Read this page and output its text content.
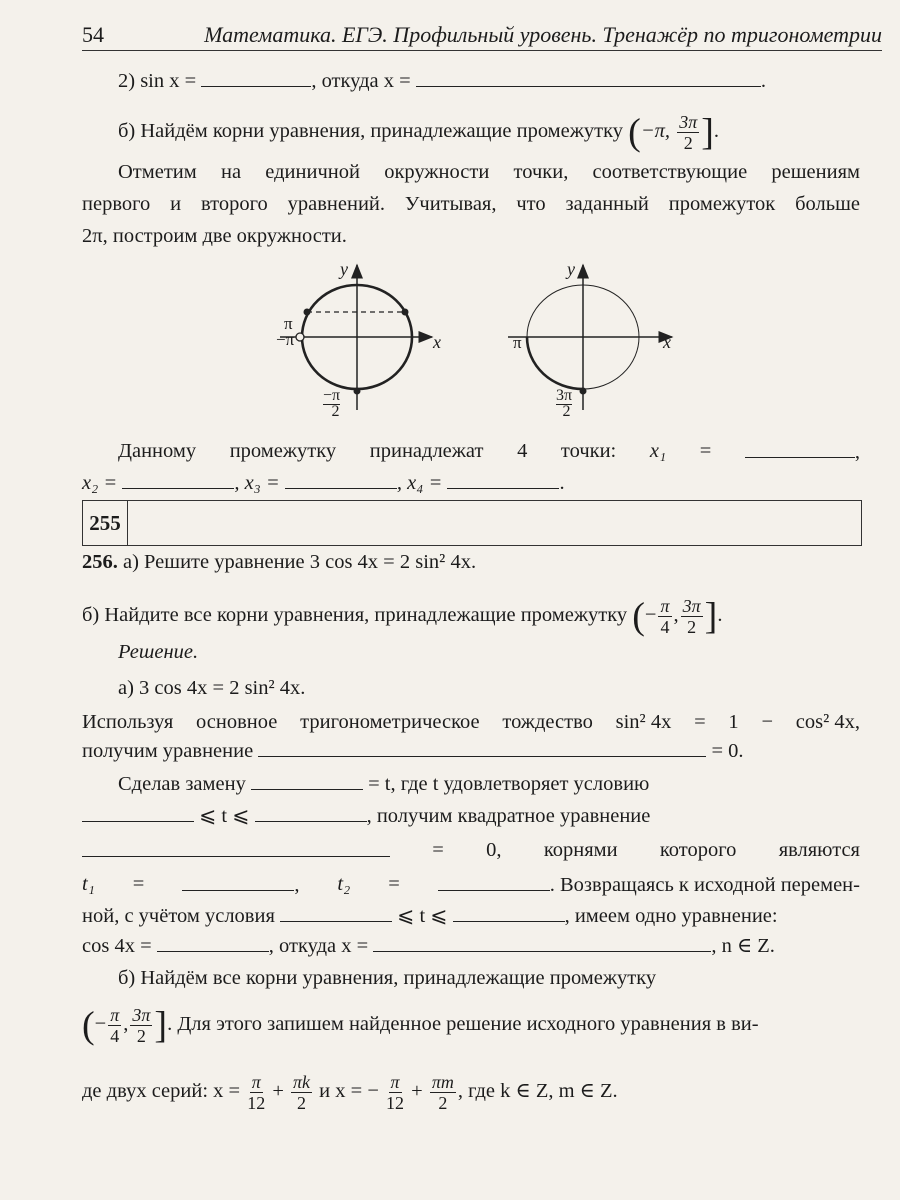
54	Математика. ЕГЭ. Профильный уровень. Тренажёр по тригонометрии
2) sin x =	, откуда x =	.
б) Найдём корни уравнения, принадлежащие промежутку (−π, $\frac{3\pi}{2}$ ].
Отметим на единичной окружности точки, соответствующие решениям
первого и второго уравнений. Учитывая, что заданный промежуток больше
2π, построим две окружности.
y
x
π
−π
$\frac{-\pi}{2}$
y
x
π
$\frac{3\pi}{2}$
Данному промежутку принадлежат 4 точки: x₁ =	,
x₂ =	, x₃ =	, x₄ =	.
255
256. а) Решите уравнение 3 cos 4x = 2 sin² 4x.
б) Найдите все корни уравнения, принадлежащие промежутку (− $\frac{\pi}{4}$ , $\frac{3\pi}{2}$ ].
Решение.
а) 3 cos 4x = 2 sin² 4x.
Используя основное тригонометрическое тождество sin² 4x = 1 − cos² 4x,
получим уравнение	= 0.
Сделав замену	= t, где t удовлетворяет условию
⩽ t ⩽	, получим квадратное уравнение
= 0, корнями которого являются
t₁ =	, t₂ =	. Возвращаясь к исходной перемен-
ной, с учётом условия	⩽ t ⩽	, имеем одно уравнение:
cos 4x =	, откуда x =	, n ∈ Z.
б) Найдём все корни уравнения, принадлежащие промежутку
(− $\frac{\pi}{4}$ , $\frac{3\pi}{2}$ ]. Для этого запишем найденное решение исходного уравнения в ви-
де двух серий: $x = \frac{\pi}{12} + \frac{\pi k}{2}$ и x = − $\frac{\pi}{12} + \frac{\pi m}{2}$ , где k ∈ Z, m ∈ Z.
